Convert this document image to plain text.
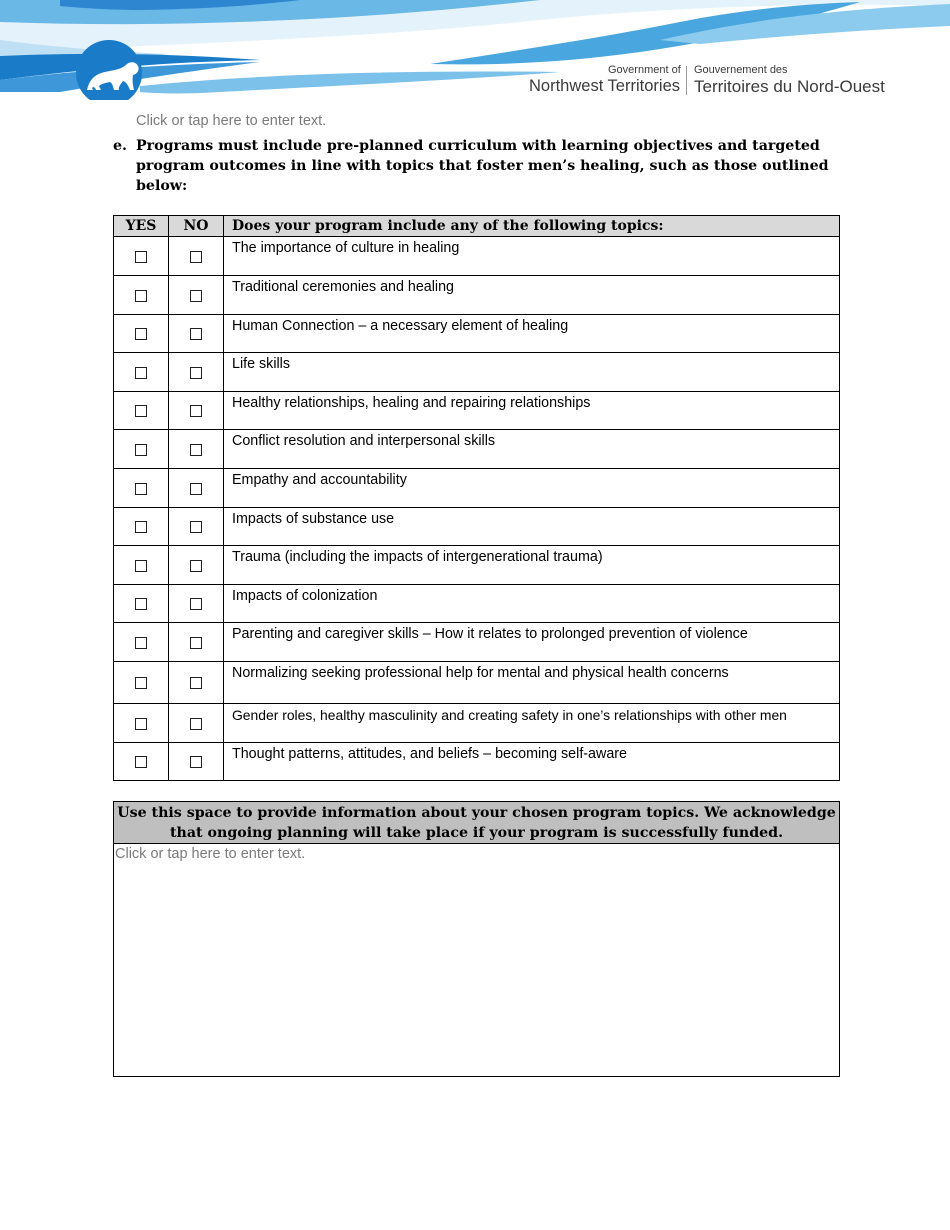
Government of
Northwest Territories
Gouvernement des
Territoires du Nord-Ouest
Click or tap here to enter text.
e. Programs must include pre-planned curriculum with learning objectives and targeted program outcomes in line with topics that foster men’s healing, such as those outlined below:
YES	NO	Does your program include any of the following topics:
		The importance of culture in healing
		Traditional ceremonies and healing
		Human Connection – a necessary element of healing
		Life skills
		Healthy relationships, healing and repairing relationships
		Conflict resolution and interpersonal skills
		Empathy and accountability
		Impacts of substance use
		Trauma (including the impacts of intergenerational trauma)
		Impacts of colonization
		Parenting and caregiver skills – How it relates to prolonged prevention of violence
		Normalizing seeking professional help for mental and physical health concerns
		Gender roles, healthy masculinity and creating safety in one’s relationships with other men
		Thought patterns, attitudes, and beliefs – becoming self-aware
Use this space to provide information about your chosen program topics. We acknowledge that ongoing planning will take place if your program is successfully funded.
Click or tap here to enter text.
